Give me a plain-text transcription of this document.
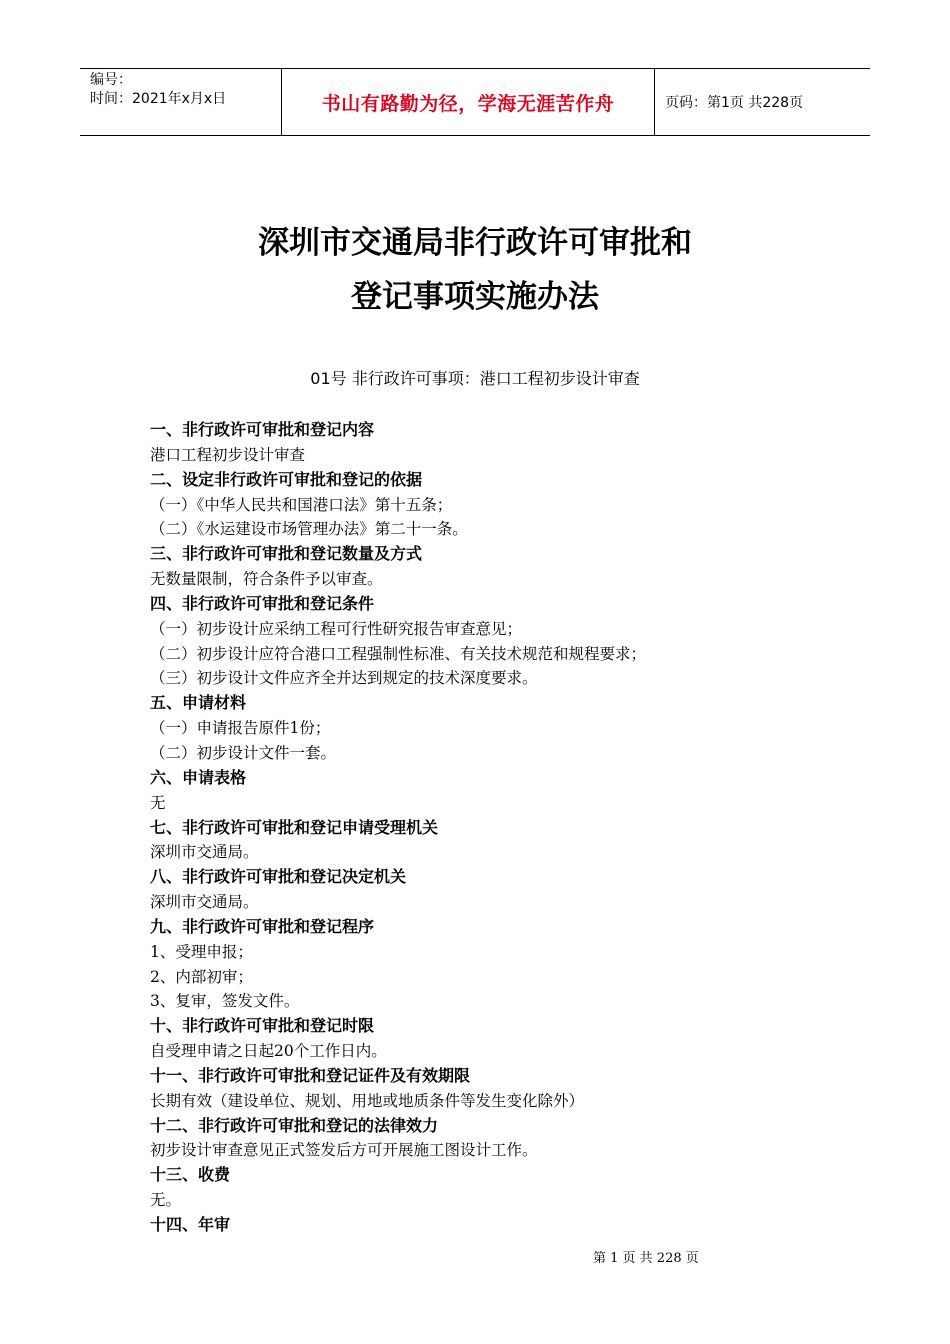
编号：
时间：2021年x月x日	书山有路勤为径，学海无涯苦作舟	页码：第1页 共228页
深圳市交通局非行政许可审批和
登记事项实施办法
01号 非行政许可事项：港口工程初步设计审查
一、非行政许可审批和登记内容
港口工程初步设计审查
二、设定非行政许可审批和登记的依据
（一）《中华人民共和国港口法》第十五条；
（二）《水运建设市场管理办法》第二十一条。
三、非行政许可审批和登记数量及方式
无数量限制，符合条件予以审查。
四、非行政许可审批和登记条件
（一）初步设计应采纳工程可行性研究报告审查意见；
（二）初步设计应符合港口工程强制性标准、有关技术规范和规程要求；
（三）初步设计文件应齐全并达到规定的技术深度要求。
五、申请材料
（一）申请报告原件1份；
（二）初步设计文件一套。
六、申请表格
无
七、非行政许可审批和登记申请受理机关
深圳市交通局。
八、非行政许可审批和登记决定机关
深圳市交通局。
九、非行政许可审批和登记程序
1、受理申报；
2、内部初审；
3、复审，签发文件。
十、非行政许可审批和登记时限
自受理申请之日起20个工作日内。
十一、非行政许可审批和登记证件及有效期限
长期有效（建设单位、规划、用地或地质条件等发生变化除外）
十二、非行政许可审批和登记的法律效力
初步设计审查意见正式签发后方可开展施工图设计工作。
十三、收费
无。
十四、年审
第 1 页 共 228 页
